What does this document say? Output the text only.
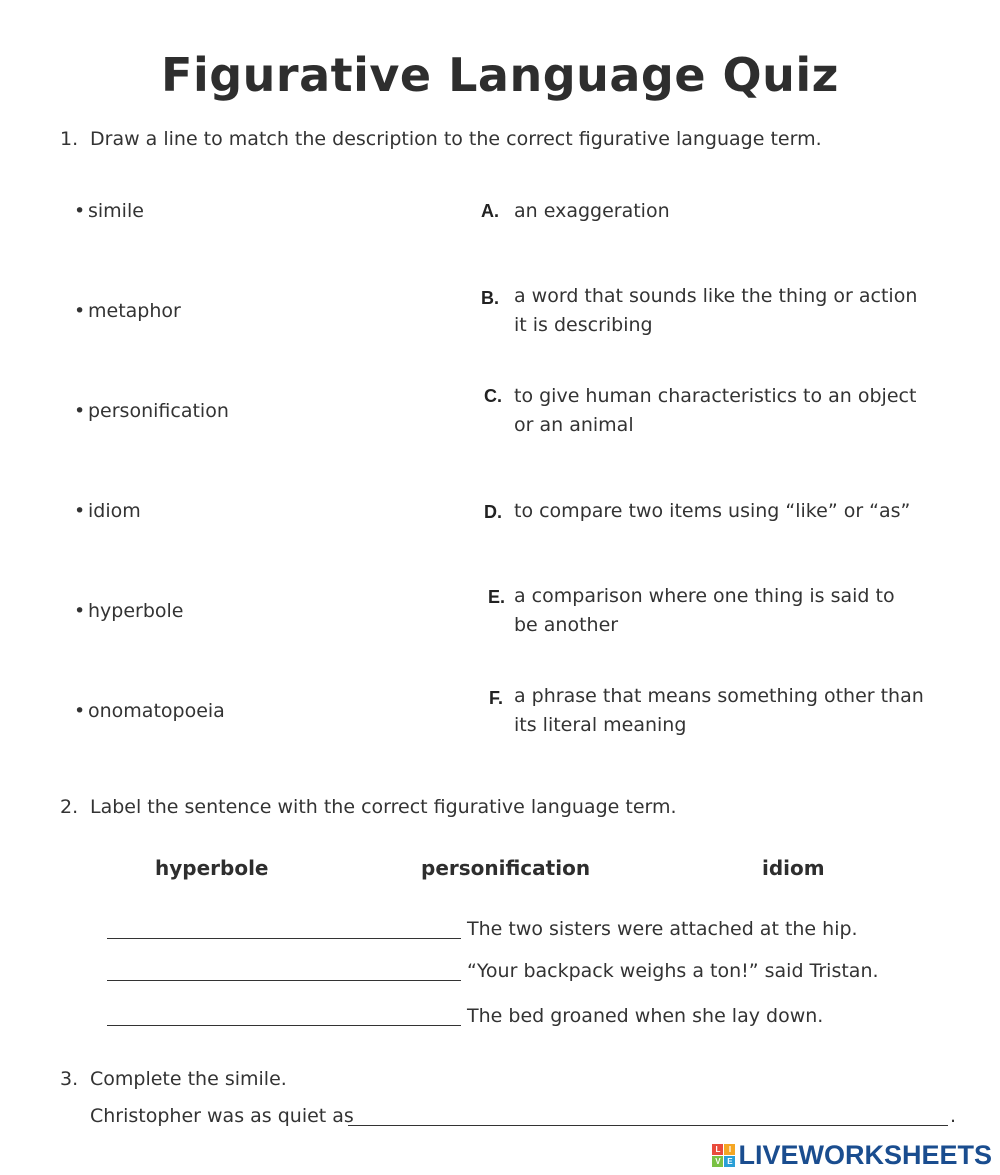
Figurative Language Quiz
1. Draw a line to match the description to the correct figurative language term.
• simile
• metaphor
• personification
• idiom
• hyperbole
• onomatopoeia
A. an exaggeration
B. a word that sounds like the thing or action
it is describing
C. to give human characteristics to an object
or an animal
D. to compare two items using “like” or “as”
E. a comparison where one thing is said to
be another
F. a phrase that means something other than
its literal meaning
2. Label the sentence with the correct figurative language term.
hyperbole	personification	idiom
The two sisters were attached at the hip.
“Your backpack weighs a ton!” said Tristan.
The bed groaned when she lay down.
3. Complete the simile.
Christopher was as quiet as	.
L	I
V E LIVEWORKSHEETS
